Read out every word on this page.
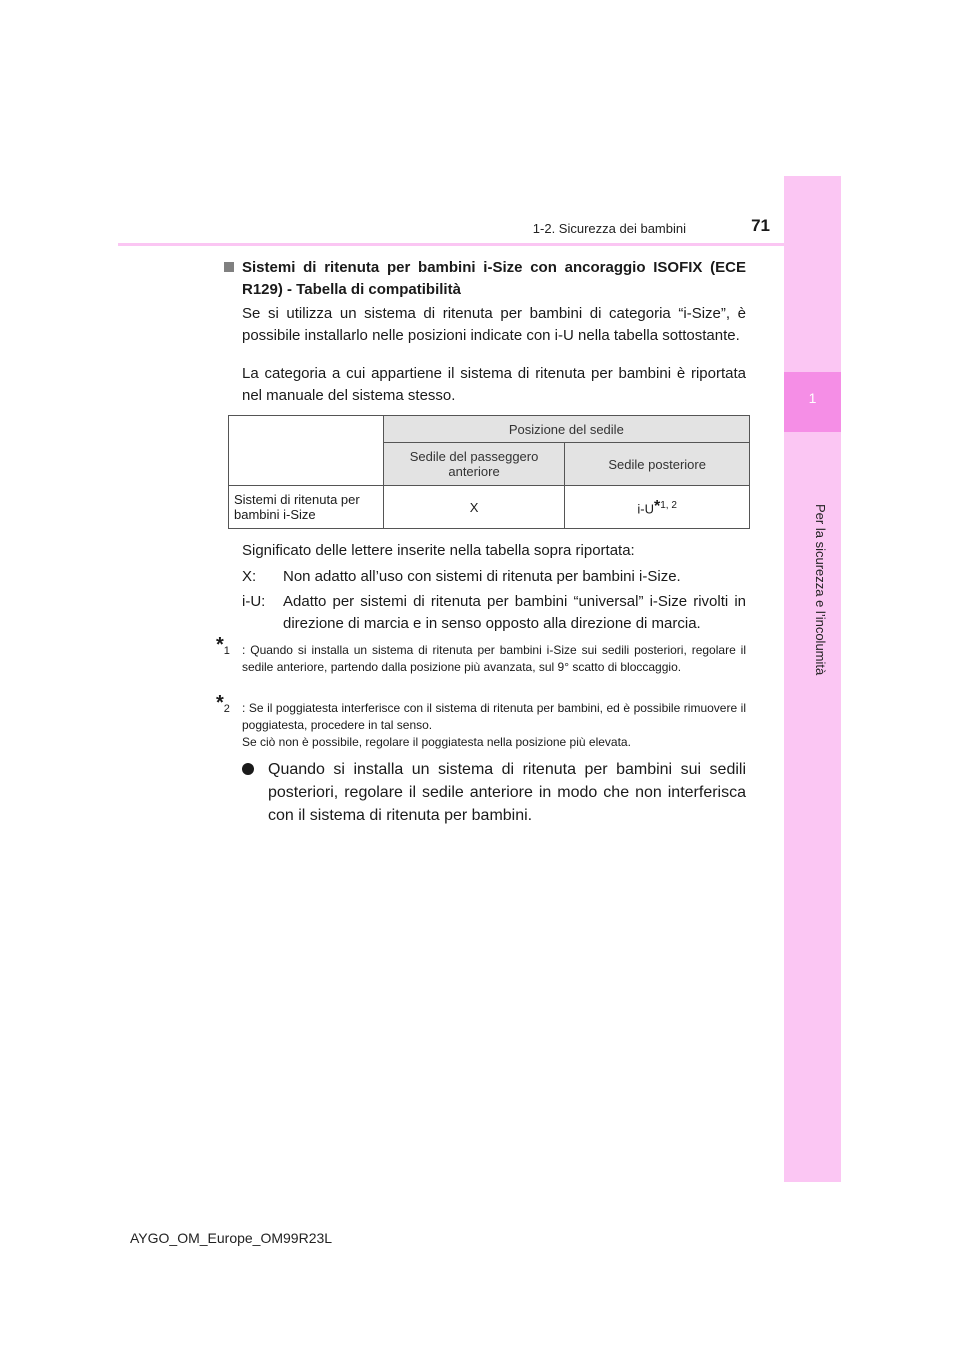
1
Per la sicurezza e l’incolumità
1-2. Sicurezza dei bambini	71
Sistemi di ritenuta per bambini i-Size con ancoraggio ISOFIX (ECE R129) - Tabella di compatibilità
Se si utilizza un sistema di ritenuta per bambini di categoria “i-Size”, è possibile installarlo nelle posizioni indicate con i-U nella tabella sottostante.
La categoria a cui appartiene il sistema di ritenuta per bambini è riportata nel manuale del sistema stesso.
	Posizione del sedile	
	Sedile del passeggero anteriore	Sedile posteriore
Sistemi di ritenuta per bambini i-Size	X	$i-U^{*1, 2}$
Significato delle lettere inserite nella tabella sopra riportata:
X: Non adatto all’uso con sistemi di ritenuta per bambini i-Size.
i-U: Adatto per sistemi di ritenuta per bambini “universal” i-Size rivolti in direzione di marcia e in senso opposto alla direzione di marcia.
*$^1$ : Quando si installa un sistema di ritenuta per bambini i-Size sui sedili posteriori, regolare il sedile anteriore, partendo dalla posizione più avanzata, sul 9° scatto di bloccaggio.
*$^2$ : Se il poggiatesta interferisce con il sistema di ritenuta per bambini, ed è possibile rimuovere il poggiatesta, procedere in tal senso.
Se ciò non è possibile, regolare il poggiatesta nella posizione più elevata.
Quando si installa un sistema di ritenuta per bambini sui sedili posteriori, regolare il sedile anteriore in modo che non interferisca con il sistema di ritenuta per bambini.
AYGO_OM_Europe_OM99R23L
